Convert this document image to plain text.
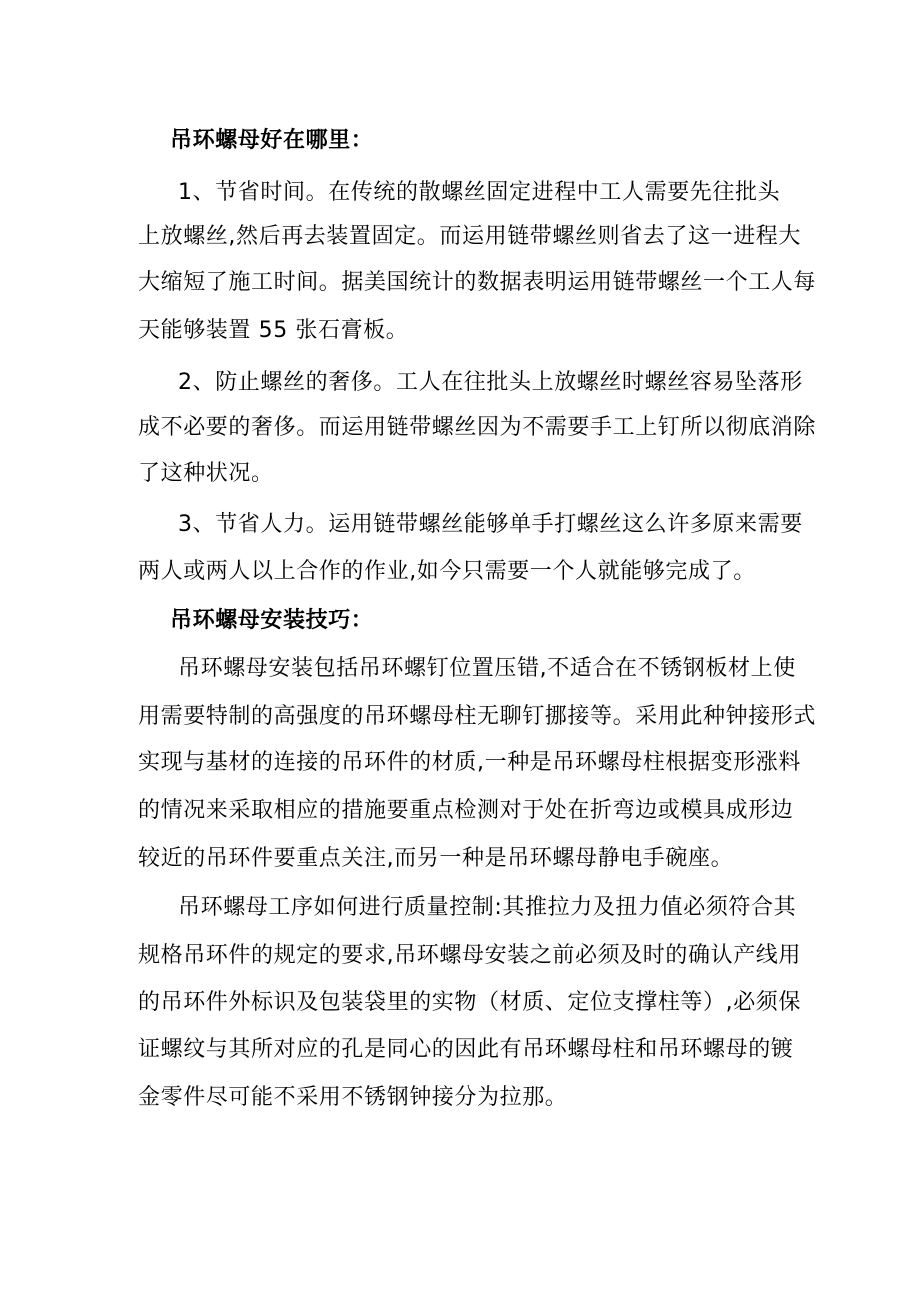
吊环螺母好在哪里：
1、节省时间。在传统的散螺丝固定进程中工人需要先往批头
上放螺丝,然后再去装置固定。而运用链带螺丝则省去了这一进程大
大缩短了施工时间。据美国统计的数据表明运用链带螺丝一个工人每
天能够装置 55 张石膏板。
2、防止螺丝的奢侈。工人在往批头上放螺丝时螺丝容易坠落形
成不必要的奢侈。而运用链带螺丝因为不需要手工上钉所以彻底消除
了这种状况。
3、节省人力。运用链带螺丝能够单手打螺丝这么许多原来需要
两人或两人以上合作的作业,如今只需要一个人就能够完成了。
吊环螺母安装技巧：
吊环螺母安装包括吊环螺钉位置压错,不适合在不锈钢板材上使
用需要特制的高强度的吊环螺母柱无聊钉挪接等。采用此种钟接形式
实现与基材的连接的吊环件的材质,一种是吊环螺母柱根据变形涨料
的情况来采取相应的措施要重点检测对于处在折弯边或模具成形边
较近的吊环件要重点关注,而另一种是吊环螺母静电手碗座。
吊环螺母工序如何进行质量控制:其推拉力及扭力值必须符合其
规格吊环件的规定的要求,吊环螺母安装之前必须及时的确认产线用
的吊环件外标识及包装袋里的实物（材质、定位支撑柱等）,必须保
证螺纹与其所对应的孔是同心的因此有吊环螺母柱和吊环螺母的镀
金零件尽可能不采用不锈钢钟接分为拉那。
